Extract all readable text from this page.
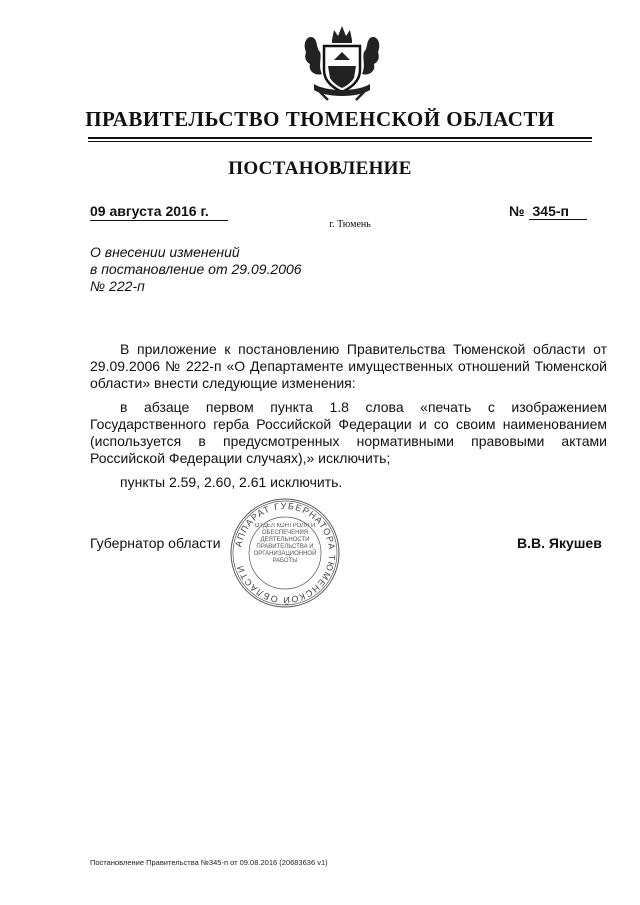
ПРАВИТЕЛЬСТВО ТЮМЕНСКОЙ ОБЛАСТИ
ПОСТАНОВЛЕНИЕ
09 августа 2016 г.	№ 345-п
г. Тюмень
О внесении изменений
в постановление от 29.09.2006
№ 222-п

В приложение к постановлению Правительства Тюменской области от 29.09.2006 № 222-п «О Департаменте имущественных отношений Тюменской области» внести следующие изменения:

в абзаце первом пункта 1.8 слова «печать с изображением Государственного герба Российской Федерации и со своим наименованием (используется в предусмотренных нормативными правовыми актами Российской Федерации случаях),» исключить;

пункты 2.59, 2.60, 2.61 исключить.

АППАРАТ ГУБЕРНАТОРА ТЮМЕНСКОЙ ОБЛАСТИ
ОТДЕЛ КОНТРОЛЯ И ОБЕСПЕЧЕНИЯ ДЕЯТЕЛЬНОСТИ ПРАВИТЕЛЬСТВА И ОРГАНИЗАЦИОННОЙ РАБОТЫ
Губернатор области	В.В. Якушев
Постановление Правительства №345-п от 09.08.2016 (20683636 v1)
